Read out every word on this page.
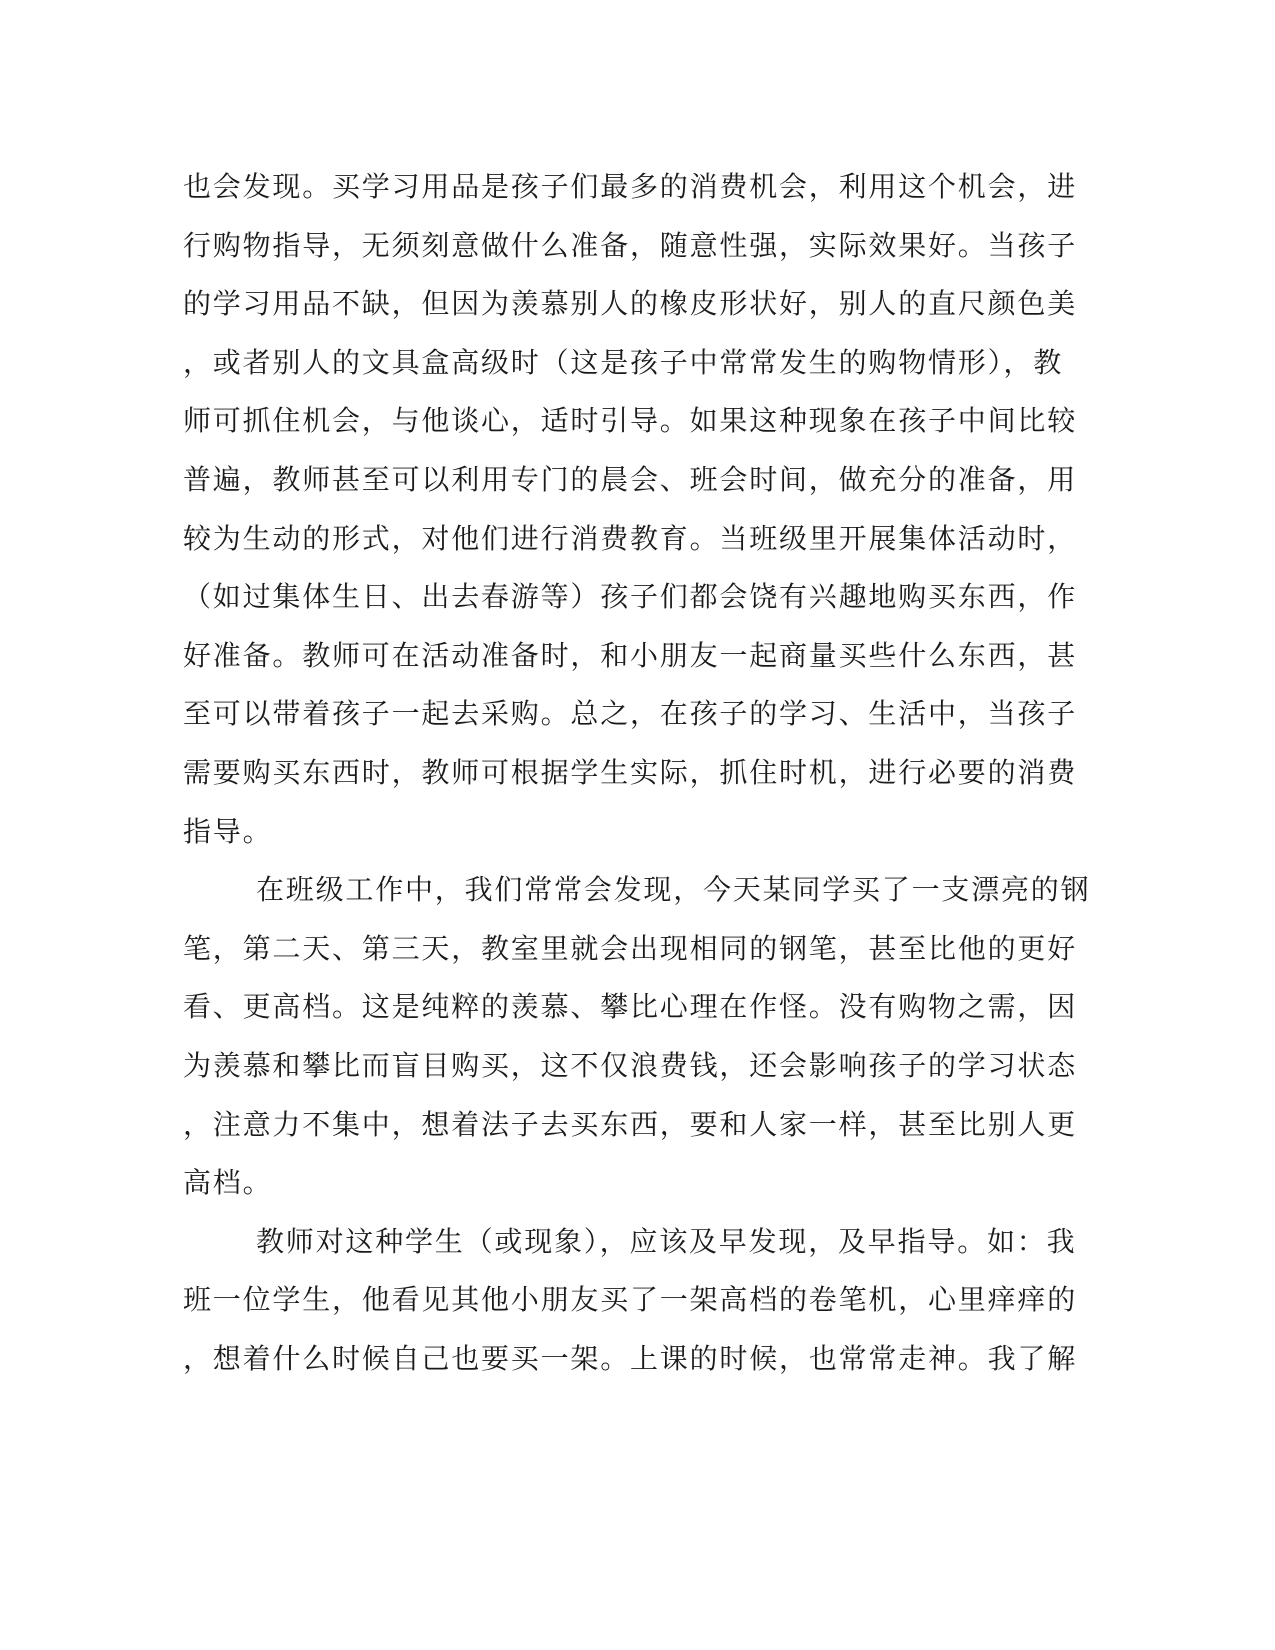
也会发现。买学习用品是孩子们最多的消费机会，利用这个机会，进
行购物指导，无须刻意做什么准备，随意性强，实际效果好。当孩子
的学习用品不缺，但因为羡慕别人的橡皮形状好，别人的直尺颜色美
，或者别人的文具盒高级时（这是孩子中常常发生的购物情形），教
师可抓住机会，与他谈心，适时引导。如果这种现象在孩子中间比较
普遍，教师甚至可以利用专门的晨会、班会时间，做充分的准备，用
较为生动的形式，对他们进行消费教育。当班级里开展集体活动时，
（如过集体生日、出去春游等）孩子们都会饶有兴趣地购买东西，作
好准备。教师可在活动准备时，和小朋友一起商量买些什么东西，甚
至可以带着孩子一起去采购。总之，在孩子的学习、生活中，当孩子
需要购买东西时，教师可根据学生实际，抓住时机，进行必要的消费
指导。
在班级工作中，我们常常会发现，今天某同学买了一支漂亮的钢
笔，第二天、第三天，教室里就会出现相同的钢笔，甚至比他的更好
看、更高档。这是纯粹的羡慕、攀比心理在作怪。没有购物之需，因
为羡慕和攀比而盲目购买，这不仅浪费钱，还会影响孩子的学习状态
，注意力不集中，想着法子去买东西，要和人家一样，甚至比别人更
高档。
教师对这种学生（或现象），应该及早发现，及早指导。如：我
班一位学生，他看见其他小朋友买了一架高档的卷笔机，心里痒痒的
，想着什么时候自己也要买一架。上课的时候，也常常走神。我了解
